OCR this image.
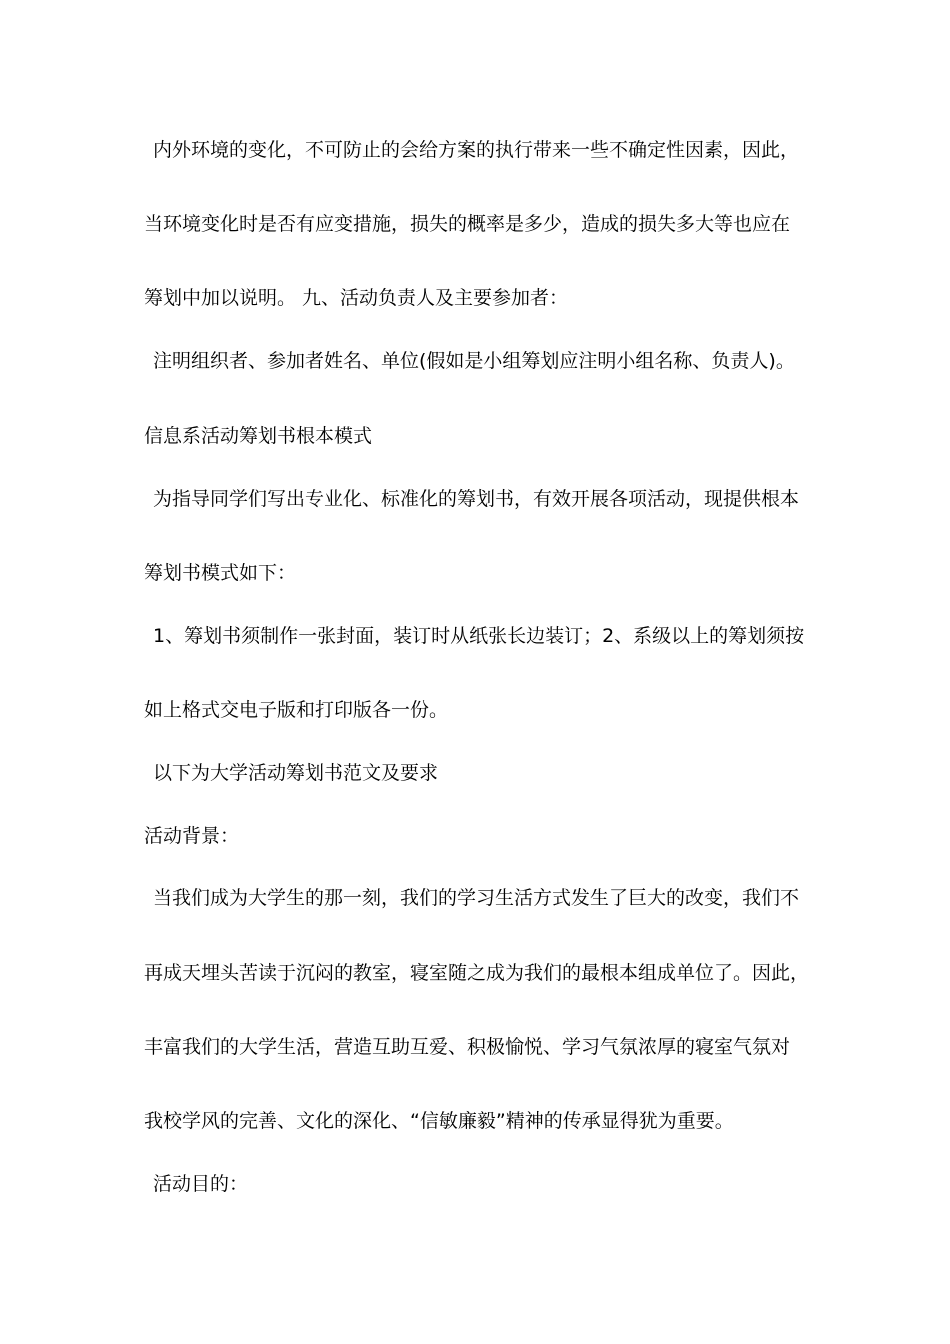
内外环境的变化，不可防止的会给方案的执行带来一些不确定性因素，因此，
当环境变化时是否有应变措施，损失的概率是多少，造成的损失多大等也应在
筹划中加以说明。 九、活动负责人及主要参加者：
注明组织者、参加者姓名、单位(假如是小组筹划应注明小组名称、负责人)。
信息系活动筹划书根本模式
为指导同学们写出专业化、标准化的筹划书，有效开展各项活动，现提供根本
筹划书模式如下：
1、筹划书须制作一张封面，装订时从纸张长边装订；2、系级以上的筹划须按
如上格式交电子版和打印版各一份。
以下为大学活动筹划书范文及要求
活动背景：
当我们成为大学生的那一刻，我们的学习生活方式发生了巨大的改变，我们不
再成天埋头苦读于沉闷的教室，寝室随之成为我们的最根本组成单位了。因此，
丰富我们的大学生活，营造互助互爱、积极愉悦、学习气氛浓厚的寝室气氛对
我校学风的完善、文化的深化、“信敏廉毅”精神的传承显得犹为重要。
活动目的：
